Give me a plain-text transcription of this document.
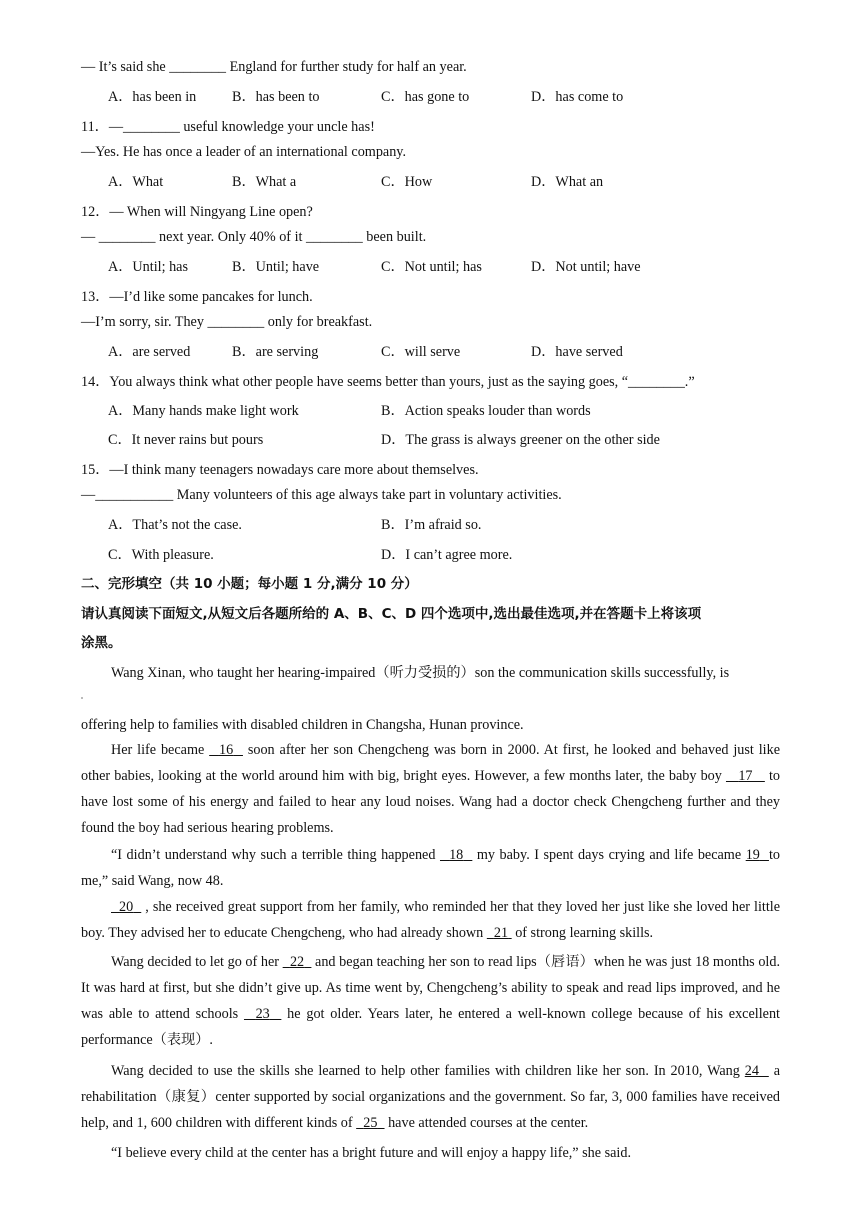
— It’s said she ________ England for further study for half an year.
A．has been in	B．has been to	C．has gone to	D．has come to
11．—________ useful knowledge your uncle has!
—Yes. He has once a leader of an international company.
A．What	B．What a	C．How	D．What an
12．— When will Ningyang Line open?
— ________ next year. Only 40% of it ________ been built.
A．Until; has	B．Until; have	C．Not until; has	D．Not until; have
13．—I’d like some pancakes for lunch.
—I’m sorry, sir. They ________ only for breakfast.
A．are served	B．are serving	C．will serve	D．have served
14．You always think what other people have seems better than yours, just as the saying goes, “________.”
A．Many hands make light work	B．Action speaks louder than words
C．It never rains but pours	D．The grass is always greener on the other side
15．—I think many teenagers nowadays care more about themselves.
—___________ Many volunteers of this age always take part in voluntary activities.
A．That’s not the case.	B．I’m afraid so.
C．With pleasure.	D．I can’t agree more.
二、完形填空（共 10 小题；每小题 1 分,满分 10 分）
请认真阅读下面短文,从短文后各题所给的 A、B、C、D 四个选项中,选出最佳选项,并在答题卡上将该项
涂黑。
Wang Xinan, who taught her hearing-impaired（听力受损的）son the communication skills successfully, is
offering help to families with disabled children in Changsha, Hunan province.
Her life became   16   soon after her son Chengcheng was born in 2000. At first, he looked and behaved just like other babies, looking at the world around him with big, bright eyes. However, a few months later, the baby boy    17    to have lost some of his energy and failed to hear any loud noises. Wang had a doctor check Chengcheng further and they found the boy had serious hearing problems.
“I didn’t understand why such a terrible thing happened   18   my baby. I spent days crying and life became 19 to me,” said Wang, now 48.
20   , she received great support from her family, who reminded her that they loved her just like she loved her little boy. They advised her to educate Chengcheng, who had already shown   21  of strong learning skills.
Wang decided to let go of her   22   and began teaching her son to read lips（唇语）when he was just 18 months old. It was hard at first, but she didn’t give up. As time went by, Chengcheng’s ability to speak and read lips improved, and he was able to attend schools   23   he got older. Years later, he entered a well-known college because of his excellent performance（表现）.
Wang decided to use the skills she learned to help other families with children like her son. In 2010, Wang 24   a rehabilitation（康复）center supported by social organizations and the government. So far, 3, 000 families have received help, and 1, 600 children with different kinds of   25   have attended courses at the center.
“I believe every child at the center has a bright future and will enjoy a happy life,” she said.
